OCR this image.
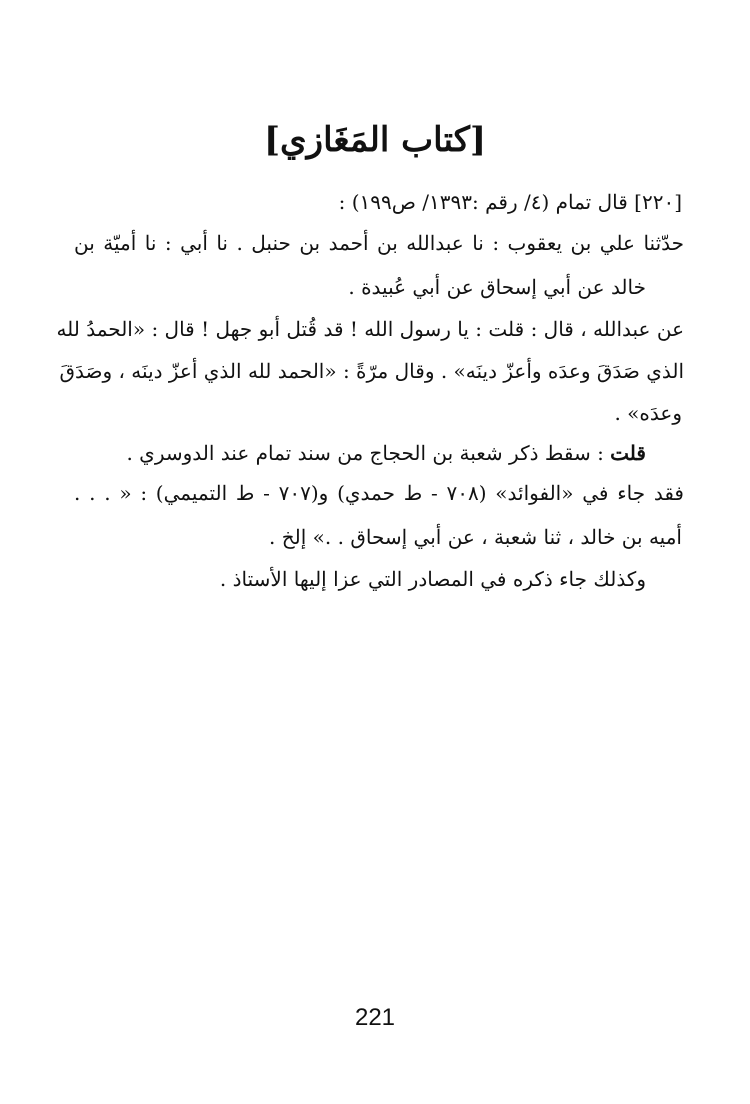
[كتاب المَغَازي]
[٢٢٠] قال تمام (٤/ رقم :١٣٩٣/ ص١٩٩) :
حدّثنا علي بن يعقوب : نا عبدالله بن أحمد بن حنبل . نا أبي : نا أميّة بن
خالد عن أبي إسحاق عن أبي عُبيدة .
عن عبدالله ، قال : قلت : يا رسول الله ! قد قُتل أبو جهل ! قال : «الحمدُ لله
الذي صَدَقَ وعدَه وأعزّ دينَه» . وقال مرّةً : «الحمد لله الذي أعزّ دينَه ، وصَدَقَ
وعدَه» .
قلت : سقط ذكر شعبة بن الحجاج من سند تمام عند الدوسري .
فقد جاء في «الفوائد» (٧٠٨ - ط حمدي) و(٧٠٧ - ط التميمي) : « . . .
أميه بن خالد ، ثنا شعبة ، عن أبي إسحاق . .» إلخ .
وكذلك جاء ذكره في المصادر التي عزا إليها الأستاذ .
221
